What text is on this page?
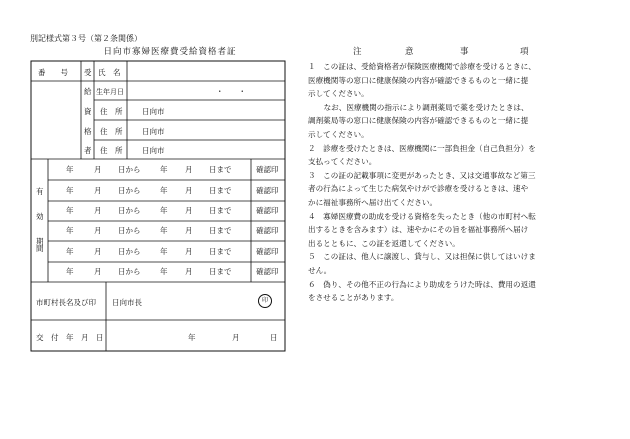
別記様式第３号（第２条関係）
日向市寡婦医療費受給資格者証	注	意	事	項
番　　号 受 氏　名
給 生年月日	・　　・
資 住　所	日向市
格 住　所	日向市
者 住　所	日向市
有
効
期
間
年	月 日から	年 月 日まで	確認印
年	月 日から	年 月 日まで	確認印
年	月 日から	年 月 日まで	確認印
年	月 日から	年 月 日まで	確認印
年	月 日から	年 月 日まで	確認印
年	月 日から	年 月 日まで	確認印
市町村長名及び印 日向市長	印
交　付　年　月　日	年	月	日

１　この証は、受給資格者が保険医療機関で診療を受けるときに、

医療機関等の窓口に健康保険の内容が確認できるものと一緒に提

示してください。

　なお、医療機関の指示により調剤薬局で薬を受けたときは、

調剤薬局等の窓口に健康保険の内容が確認できるものと一緒に提

示してください。

２　診療を受けたときは、医療機関に一部負担金（自己負担分）を

支払ってください。

３　この証の記載事項に変更があったとき、又は交通事故など第三

者の行為によって生じた病気やけがで診療を受けるときは、速や

かに福祉事務所へ届け出てください。

４　寡婦医療費の助成を受ける資格を失ったとき（他の市町村へ転

出するときを含みます）は、速やかにその旨を福祉事務所へ届け

出るとともに、この証を返還してください。

５　この証は、他人に譲渡し、貸与し、又は担保に供してはいけま

せん。

６　偽り、その他不正の行為により助成をうけた時は、費用の返還

をさせることがあります。
